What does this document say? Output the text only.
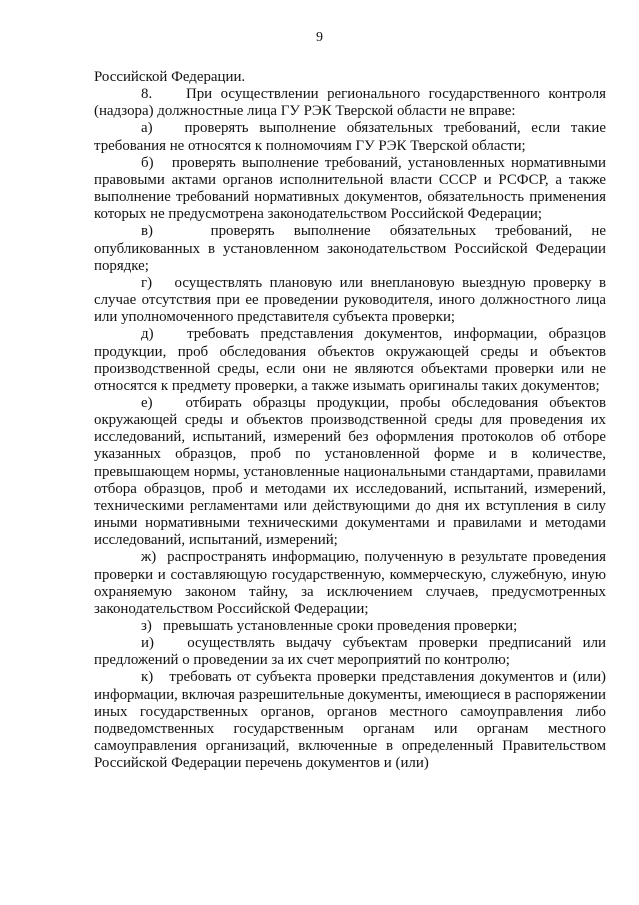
9

Российской Федерации.

8.    При осуществлении регионального государственного контроля (надзора) должностные лица ГУ РЭК Тверской области не вправе:

а)   проверять выполнение обязательных требований, если такие требования не относятся к полномочиям ГУ РЭК Тверской области;

б)   проверять выполнение требований, установленных нормативными правовыми актами органов исполнительной власти СССР и РСФСР, а также выполнение требований нормативных документов, обязательность применения которых не предусмотрена законодательством Российской Федерации;

в)   проверять выполнение обязательных требований, не опубликованных в установленном законодательством Российской Федерации порядке;

г)   осуществлять плановую или внеплановую выездную проверку в случае отсутствия при ее проведении руководителя, иного должностного лица или уполномоченного представителя субъекта проверки;

д)   требовать представления документов, информации, образцов продукции, проб обследования объектов окружающей среды и объектов производственной среды, если они не являются объектами проверки или не относятся к предмету проверки, а также изымать оригиналы таких документов;

е)   отбирать образцы продукции, пробы обследования объектов окружающей среды и объектов производственной среды для проведения их исследований, испытаний, измерений без оформления протоколов об отборе указанных образцов, проб по установленной форме и в количестве, превышающем нормы, установленные национальными стандартами, правилами отбора образцов, проб и методами их исследований, испытаний, измерений, техническими регламентами или действующими до дня их вступления в силу иными нормативными техническими документами и правилами и методами исследований, испытаний, измерений;

ж)  распространять информацию, полученную в результате проведения проверки и составляющую государственную, коммерческую, служебную, иную охраняемую законом тайну, за исключением случаев, предусмотренных законодательством Российской Федерации;

з)   превышать установленные сроки проведения проверки;

и)   осуществлять выдачу субъектам проверки предписаний или предложений о проведении за их счет мероприятий по контролю;

к)   требовать от субъекта проверки представления документов и (или) информации, включая разрешительные документы, имеющиеся в распоряжении иных государственных органов, органов местного самоуправления либо подведомственных государственным органам или органам местного самоуправления организаций, включенные в определенный Правительством Российской Федерации перечень документов и (или)
